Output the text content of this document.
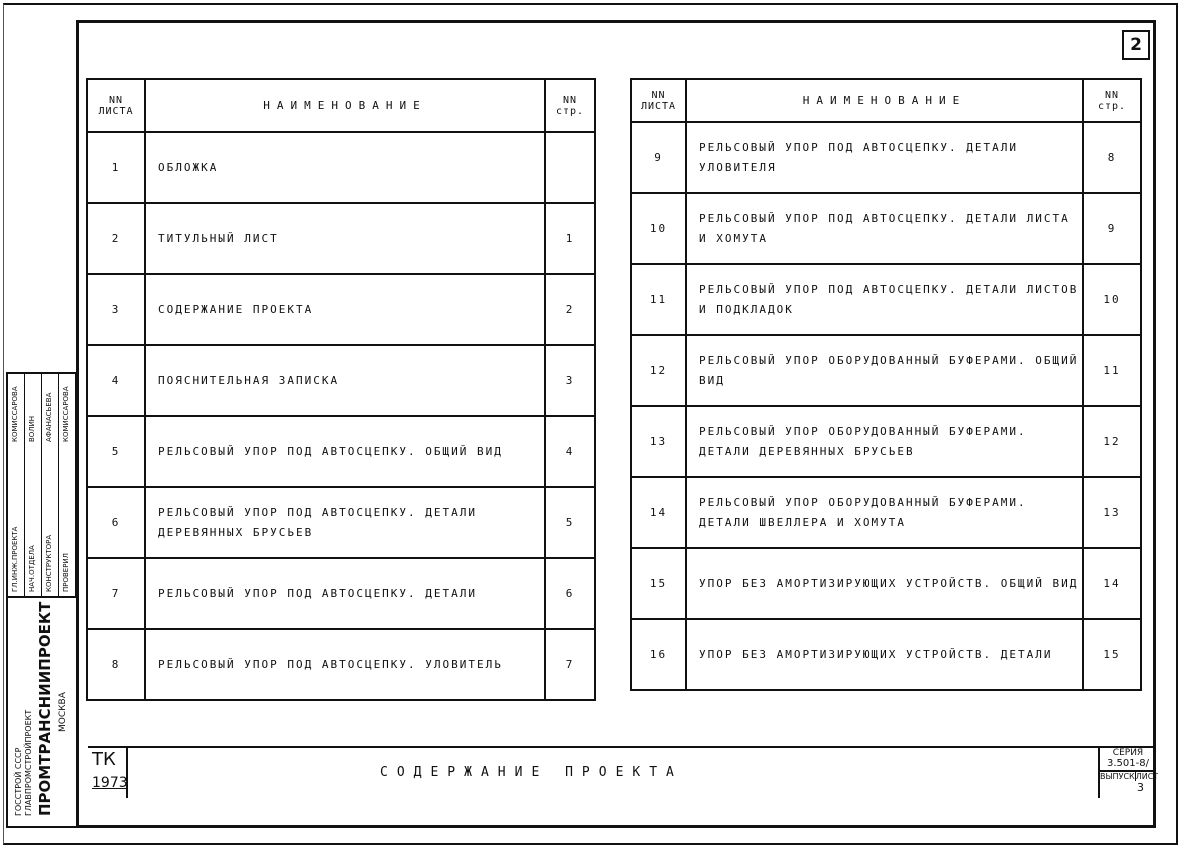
2
NN
ЛИСТА	НАИМЕНОВАНИЕ	NN
стр.
1	ОБЛОЖКА	
2	ТИТУЛЬНЫЙ ЛИСТ	1
3	СОДЕРЖАНИЕ ПРОЕКТА	2
4	ПОЯСНИТЕЛЬНАЯ ЗАПИСКА	3
5	РЕЛЬСОВЫЙ УПОР ПОД АВТОСЦЕПКУ. ОБЩИЙ ВИД	4
6	РЕЛЬСОВЫЙ УПОР ПОД АВТОСЦЕПКУ. ДЕТАЛИ ДЕРЕВЯННЫХ БРУСЬЕВ	5
7	РЕЛЬСОВЫЙ УПОР ПОД АВТОСЦЕПКУ. ДЕТАЛИ	6
8	РЕЛЬСОВЫЙ УПОР ПОД АВТОСЦЕПКУ. УЛОВИТЕЛЬ	7
NN
ЛИСТА	НАИМЕНОВАНИЕ	NN
стр.
9	РЕЛЬСОВЫЙ УПОР ПОД АВТОСЦЕПКУ. ДЕТАЛИ УЛОВИТЕЛЯ	8
10	РЕЛЬСОВЫЙ УПОР ПОД АВТОСЦЕПКУ. ДЕТАЛИ ЛИСТА И ХОМУТА	9
11	РЕЛЬСОВЫЙ УПОР ПОД АВТОСЦЕПКУ. ДЕТАЛИ ЛИСТОВ И ПОДКЛАДОК	10
12	РЕЛЬСОВЫЙ УПОР ОБОРУДОВАННЫЙ БУФЕРАМИ. ОБЩИЙ ВИД	11
13	РЕЛЬСОВЫЙ УПОР ОБОРУДОВАННЫЙ БУФЕРАМИ. ДЕТАЛИ ДЕРЕВЯННЫХ БРУСЬЕВ	12
14	РЕЛЬСОВЫЙ УПОР ОБОРУДОВАННЫЙ БУФЕРАМИ. ДЕТАЛИ ШВЕЛЛЕРА И ХОМУТА	13
15	УПОР БЕЗ АМОРТИЗИРУЮЩИХ УСТРОЙСТВ. ОБЩИЙ ВИД	14
16	УПОР БЕЗ АМОРТИЗИРУЮЩИХ УСТРОЙСТВ. ДЕТАЛИ	15
ТК
1973
СОДЕРЖАНИЕ ПРОЕКТА
СЕРИЯ
3.501-8/
ВЫПУСК ЛИСТ
3
ГОССТРОЙ СССР ГЛАВПРОМСТРОЙПРОЕКТ ПРОМТРАНСНИИПРОЕКТ МОСКВА
ГЛ.ИНЖ.ПРОЕКТА
КОМИССАРОВА
НАЧ.ОТДЕЛА
ВОЛИН
КОНСТРУКТОРА
АФАНАСЬЕВА
ПРОВЕРИЛ
КОМИССАРОВА
